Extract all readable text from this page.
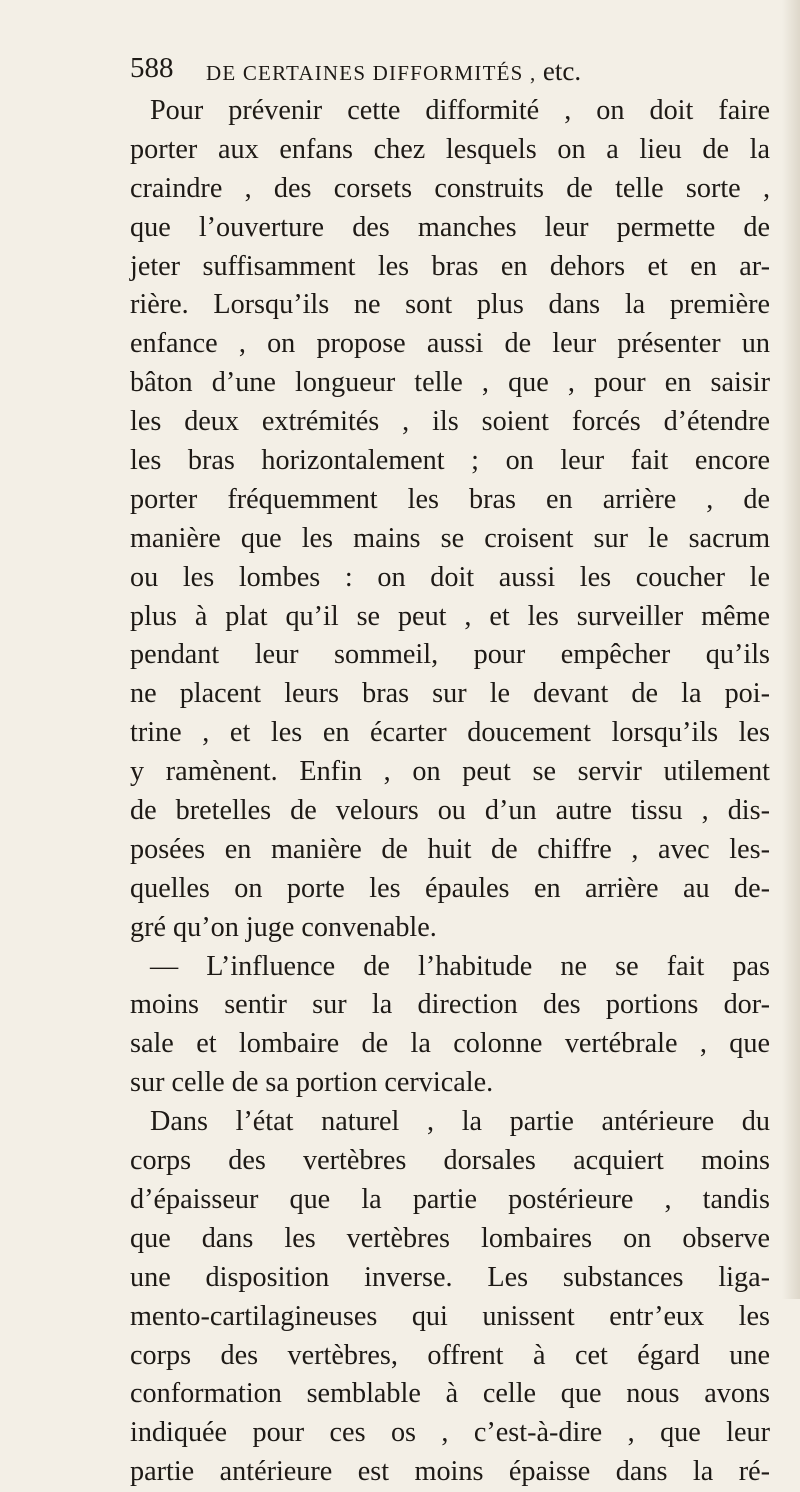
588 DE CERTAINES DIFFORMITÉS , etc.
Pour prévenir cette difformité , on doit faire
porter aux enfans chez lesquels on a lieu de la
craindre , des corsets construits de telle sorte ,
que l’ouverture des manches leur permette de
jeter suffisamment les bras en dehors et en ar-
rière. Lorsqu’ils ne sont plus dans la première
enfance , on propose aussi de leur présenter un
bâton d’une longueur telle , que , pour en saisir
les deux extrémités , ils soient forcés d’étendre
les bras horizontalement ; on leur fait encore
porter fréquemment les bras en arrière , de
manière que les mains se croisent sur le sacrum
ou les lombes : on doit aussi les coucher le
plus à plat qu’il se peut , et les surveiller même
pendant leur sommeil, pour empêcher qu’ils
ne placent leurs bras sur le devant de la poi-
trine , et les en écarter doucement lorsqu’ils les
y ramènent. Enfin , on peut se servir utilement
de bretelles de velours ou d’un autre tissu , dis-
posées en manière de huit de chiffre , avec les-
quelles on porte les épaules en arrière au de-
gré qu’on juge convenable.
— L’influence de l’habitude ne se fait pas
moins sentir sur la direction des portions dor-
sale et lombaire de la colonne vertébrale , que
sur celle de sa portion cervicale.
Dans l’état naturel , la partie antérieure du
corps des vertèbres dorsales acquiert moins
d’épaisseur que la partie postérieure , tandis
que dans les vertèbres lombaires on observe
une disposition inverse. Les substances liga-
mento-cartilagineuses qui unissent entr’eux les
corps des vertèbres, offrent à cet égard une
conformation semblable à celle que nous avons
indiquée pour ces os , c’est-à-dire , que leur
partie antérieure est moins épaisse dans la ré-
